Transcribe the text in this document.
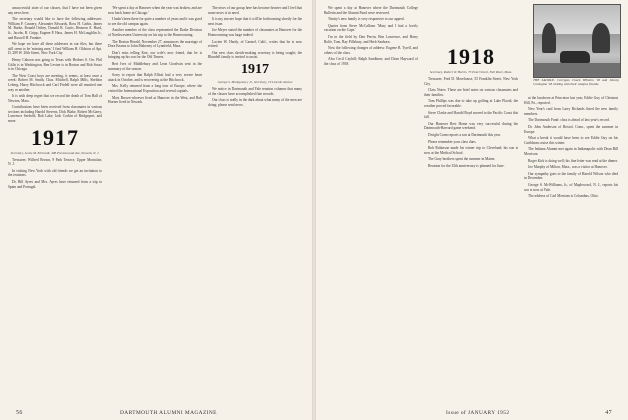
unsuccessful state of our classes, that I have not been given any news here.

The secretary would like to have the following addresses: William P. Casnery, Alexander Edwards, Ross H. Carlin, James M. Burke, Ronald Orthey, Donald R. Curtis, Hermon A. Hurd, Jr., Jacobs, R. Gripp, Eugene P. Hass, James H. McLoughlin Jr., and Russell H. Frankie.

We hope we have all these addresses in our files, but there still seem to be 'missing men.' I find William H. Oldston of Apt. D, 289 W. 20th Street, New York City.

Henry Cahoon was going to Texas with Herbert S. Orr. Phil Gitlis is in Washington, Ben Levine is in Boston and Bob Sosso is in Chicago.

The West Coast boys are meeting, it seems, at least once a week: Robert M. Smith, Chas. Mitchell, Ralph Mills, Sheldon Leberg, Harry Hitchcock and Carl Fridell were all reunited one way or another.

It is with deep regret that we record the death of Tom Hall of Newton, Mass.

Contributions have been received from classmates in various sections including Harold Stevens, Dick Blake, Robert McGarry, Lawrence Seebold, Bob Lake, Jack Corbin of Bridgeport, and more.

1917
Secretary, Lewis M. Ehrhardt, 408 Prestonwood Ave, Newark, N. J.

Treasurer, Wilfred Brown, 9 Park Terrace, Upper Montclair, N. J.

In visiting New York with old friends we get an invitation to the reunions.

Dr. Bill Ayres and Mrs. Ayres have returned from a trip to Spain and Portugal.

'We spent a day at Hanover when the year was broken, and are now back home in Chicago.'

I hadn't been there for quite a number of years and it was good to see the old campus again.

Another member of the class represented the Drake Division of Northwestern University on his trip to the Homecoming.

The Boston Herald, November 27, announces the marriage of Dora Kearns to John Mahoney of Lynnfield, Mass.

Don't miss telling Ken, our wife's new friend, that he is bringing up his son for the Old Timers.

Bert Ives of Middlebury and Leon Goodwin sent in the summary of the season.

Sorry to report that Ralph Elliott had a very severe heart attack in October, and is recovering at the Hitchcock.

Mrs. Kelly returned from a long tour of Europe, where she visited the International Exposition and several capitals.

Most Brown-whoever lived at Hanover in the West, and Bob Horner lived in Newark.

The news of our group here has become heavier and I feel that some news is in need.

It is my sincere hope that it will be forthcoming shortly for the next issue.

Joe Meyer stated the number of classmates at Hanover for the Homecoming was large indeed.

Lucien W. Hardy, of Carmel, Calif., writes that he is now retired.

Our new class sketch-making secretary is being sought; the Blundell family is invited to assist.

1917
George S. Montgomery Jr., Secretary, 19 Lincoln Avenue

We notice in Dartmouth and Yale reunion columns that many of the classes have accomplished fine records.

Our class is really in the dark about what many of the men are doing; please send news.

56	DARTMOUTH ALUMNI MAGAZINE

We spent a day at Hanover where the Dartmouth College Bulletin and the Alumni Fund were reviewed.

Trinity's new family is very responsive to our appeal.

Quotes from Steve McCallum: 'Mary and I had a lovely vacation on the Cape.'

I'm in the field by Dan Perrin, Ben Lawrence, and Harry Rolfe, Tom, Bay Pillsbury, and Herb Sanborn.

Now the following changes of address: Eugene B. Tyrell, and others of the class.

Also Cecil Cayhill; Ralph Sandborn; and Dean Hayward of the class of 1918.	1918
Secretary, Robert W. Harris, 75 Pearl Street, Fall River, Mass.

Treasurer, Fred D. Morehouse, 55 Franklin Street, New York City.

Class Notes: These are brief notes on various classmates and their families.

Tom Phillips was due to take up golfing at Lake Placid; the weather proved favorable.

Steve Clarke and Harold Boyd moved to the Pacific Coast this fall.

Our Hanover Rest Home was very successful during the Dartmouth-Harvard game weekend.

Dwight Cram reports a son at Dartmouth this year.

Please remember your class dues.

Bob Robinson made his winter trip to Cleveland; his son is now at the Medical School.

The Gray brothers spent the summer in Maine.

Reunion for the 35th anniversary is planned for June.

THE SADDLE. Corrigan Chuck Wilhelm '18 and Johnny Covington '18 visiting with their campus friends.

at the luncheon at Princeton last year, Eddie Guy of Chestnut Hill, Pa., reported.

New Year's card from Larry Richards listed the new family members.

The Dartmouth Fund: class is ahead of last year's record.

Dr. John Anderson of Bristol, Conn., spent the summer in Europe.

What a break it would have been to see Eddie Guy on his Caribbean cruise this winter.

The Indiana Alumni met again in Indianapolis with Dean Bill Morrison.

Roger Kirk is doing well; his fine letter was read at the dinner.

Joe Murphy of Milton, Mass., was a visitor at Hanover.

Our sympathy goes to the family of Harold Wilson who died in December.

George S. McWilliams, Jr., of Maplewood, N. J., reports his son is now at Yale.

The address of Carl Merriam is Columbus, Ohio.

Issue of JANUARY 1952	47
